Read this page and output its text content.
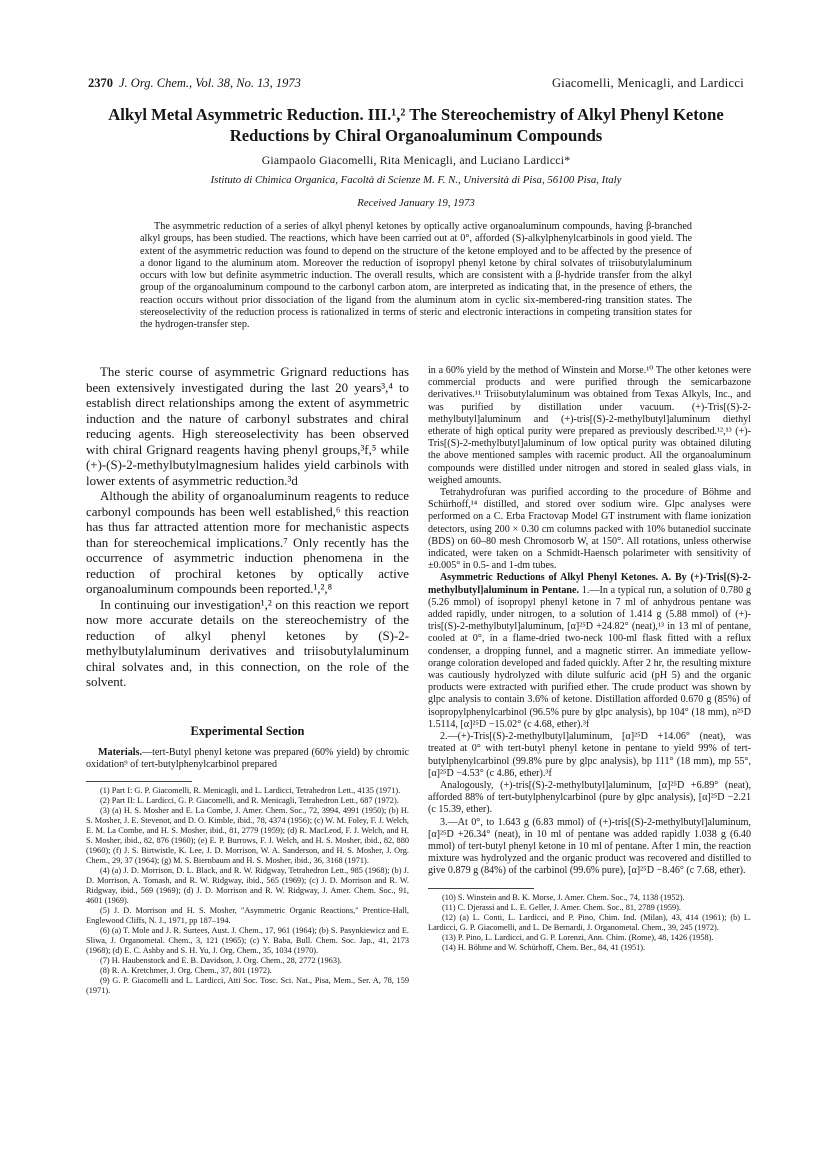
2370 J. Org. Chem., Vol. 38, No. 13, 1973	Giacomelli, Menicagli, and Lardicci
Alkyl Metal Asymmetric Reduction. III.¹,² The Stereochemistry of Alkyl Phenyl Ketone Reductions by Chiral Organoaluminum Compounds
Giampaolo Giacomelli, Rita Menicagli, and Luciano Lardicci*
Istituto di Chimica Organica, Facoltà di Scienze M. F. N., Università di Pisa, 56100 Pisa, Italy
Received January 19, 1973
The asymmetric reduction of a series of alkyl phenyl ketones by optically active organoaluminum compounds, having β-branched alkyl groups, has been studied. The reactions, which have been carried out at 0°, afforded (S)-alkylphenylcarbinols in good yield. The extent of the asymmetric reduction was found to depend on the structure of the ketone employed and to be affected by the presence of a donor ligand to the aluminum atom. Moreover the reduction of isopropyl phenyl ketone by chiral solvates of triisobutylaluminum occurs with low but definite asymmetric induction. The overall results, which are consistent with a β-hydride transfer from the alkyl group of the organoaluminum compound to the carbonyl carbon atom, are interpreted as indicating that, in the presence of ethers, the reaction occurs without prior dissociation of the ligand from the aluminum atom in cyclic six-membered-ring transition states. The stereoselectivity of the reduction process is rationalized in terms of steric and electronic interactions in competing transition states for the hydrogen-transfer step.

The steric course of asymmetric Grignard reductions has been extensively investigated during the last 20 years³,⁴ to establish direct relationships among the extent of asymmetric induction and the nature of carbonyl substrates and chiral reducing agents. High stereoselectivity has been observed with chiral Grignard reagents having phenyl groups,³f,⁵ while (+)-(S)-2-methylbutylmagnesium halides yield carbinols with lower extents of asymmetric reduction.³d

Although the ability of organoaluminum reagents to reduce carbonyl compounds has been well established,⁶ this reaction has thus far attracted attention more for mechanistic aspects than for stereochemical implications.⁷ Only recently has the occurrence of asymmetric induction phenomena in the reduction of prochiral ketones by optically active organoaluminum compounds been reported.¹,²,⁸

In continuing our investigation¹,² on this reaction we report now more accurate details on the stereochemistry of the reduction of alkyl phenyl ketones by (S)-2-methylbutylaluminum derivatives and triisobutylaluminum chiral solvates and, in this connection, on the role of the solvent.

Experimental Section

Materials.—tert-Butyl phenyl ketone was prepared (60% yield) by chromic oxidation⁹ of tert-butylphenylcarbinol prepared

(1) Part I: G. P. Giacomelli, R. Menicagli, and L. Lardicci, Tetrahedron Lett., 4135 (1971).
(2) Part II: L. Lardicci, G. P. Giacomelli, and R. Menicagli, Tetrahedron Lett., 687 (1972).
(3) (a) H. S. Mosher and E. La Combe, J. Amer. Chem. Soc., 72, 3994, 4991 (1950); (b) H. S. Mosher, J. E. Stevenot, and D. O. Kimble, ibid., 78, 4374 (1956); (c) W. M. Foley, F. J. Welch, E. M. La Combe, and H. S. Mosher, ibid., 81, 2779 (1959); (d) R. MacLeod, F. J. Welch, and H. S. Mosher, ibid., 82, 876 (1960); (e) E. P. Burrows, F. J. Welch, and H. S. Mosher, ibid., 82, 880 (1960); (f) J. S. Birtwistle, K. Lee, J. D. Morrison, W. A. Sanderson, and H. S. Mosher, J. Org. Chem., 29, 37 (1964); (g) M. S. Biernbaum and H. S. Mosher, ibid., 36, 3168 (1971).
(4) (a) J. D. Morrison, D. L. Black, and R. W. Ridgway, Tetrahedron Lett., 985 (1968); (b) J. D. Morrison, A. Tomash, and R. W. Ridgway, ibid., 565 (1969); (c) J. D. Morrison and R. W. Ridgway, ibid., 569 (1969); (d) J. D. Morrison and R. W. Ridgway, J. Amer. Chem. Soc., 91, 4601 (1969).
(5) J. D. Morrison and H. S. Mosher, "Asymmetric Organic Reactions," Prentice-Hall, Englewood Cliffs, N. J., 1971, pp 187–194.
(6) (a) T. Mole and J. R. Surtees, Aust. J. Chem., 17, 961 (1964); (b) S. Pasynkiewicz and E. Sliwa, J. Organometal. Chem., 3, 121 (1965); (c) Y. Baba, Bull. Chem. Soc. Jap., 41, 2173 (1968); (d) E. C. Ashby and S. H. Yu, J. Org. Chem., 35, 1034 (1970).
(7) H. Haubenstock and E. B. Davidson, J. Org. Chem., 28, 2772 (1963).
(8) R. A. Kretchmer, J. Org. Chem., 37, 801 (1972).
(9) G. P. Giacomelli and L. Lardicci, Atti Soc. Tosc. Sci. Nat., Pisa, Mem., Ser. A, 78, 159 (1971).

in a 60% yield by the method of Winstein and Morse.¹⁰ The other ketones were commercial products and were purified through the semicarbazone derivatives.¹¹ Triisobutylaluminum was obtained from Texas Alkyls, Inc., and was purified by distillation under vacuum. (+)-Tris[(S)-2-methylbutyl]aluminum and (+)-tris[(S)-2-methylbutyl]aluminum diethyl etherate of high optical purity were prepared as previously described.¹²,¹³ (+)-Tris[(S)-2-methylbutyl]aluminum of low optical purity was obtained diluting the above mentioned samples with racemic product. All the organoaluminum compounds were distilled under nitrogen and stored in sealed glass vials, in weighed amounts.

Tetrahydrofuran was purified according to the procedure of Böhme and Schürhoff,¹⁴ distilled, and stored over sodium wire. Glpc analyses were performed on a C. Erba Fractovap Model GT instrument with flame ionization detectors, using 200 × 0.30 cm columns packed with 10% butanediol succinate (BDS) on 60–80 mesh Chromosorb W, at 150°. All rotations, unless otherwise indicated, were taken on a Schmidt-Haensch polarimeter with sensitivity of ±0.005° in 0.5- and 1-dm tubes.

Asymmetric Reductions of Alkyl Phenyl Ketones. A. By (+)-Tris[(S)-2-methylbutyl]aluminum in Pentane. 1.—In a typical run, a solution of 0.780 g (5.26 mmol) of isopropyl phenyl ketone in 7 ml of anhydrous pentane was added rapidly, under nitrogen, to a solution of 1.414 g (5.88 mmol) of (+)-tris[(S)-2-methylbutyl]aluminum, [α]²⁵D +24.82° (neat),¹³ in 13 ml of pentane, cooled at 0°, in a flame-dried two-neck 100-ml flask fitted with a reflux condenser, a dropping funnel, and a magnetic stirrer. An immediate yellow-orange coloration developed and faded quickly. After 2 hr, the resulting mixture was cautiously hydrolyzed with dilute sulfuric acid (pH 5) and the organic products were extracted with purified ether. The crude product was shown by glpc analysis to contain 3.6% of ketone. Distillation afforded 0.670 g (85%) of isopropylphenylcarbinol (96.5% pure by glpc analysis), bp 104° (18 mm), n²⁵D 1.5114, [α]²⁵D −15.02° (c 4.68, ether).³f

2.—(+)-Tris[(S)-2-methylbutyl]aluminum, [α]²⁵D +14.06° (neat), was treated at 0° with tert-butyl phenyl ketone in pentane to yield 99% of tert-butylphenylcarbinol (99.8% pure by glpc analysis), bp 111° (18 mm), mp 55°, [α]²⁵D −4.53° (c 4.86, ether).³f

Analogously, (+)-tris[(S)-2-methylbutyl]aluminum, [α]²⁵D +6.89° (neat), afforded 88% of tert-butylphenylcarbinol (pure by glpc analysis), [α]²⁵D −2.21 (c 15.39, ether).

3.—At 0°, to 1.643 g (6.83 mmol) of (+)-tris[(S)-2-methylbutyl]aluminum, [α]²⁵D +26.34° (neat), in 10 ml of pentane was added rapidly 1.038 g (6.40 mmol) of tert-butyl phenyl ketone in 10 ml of pentane. After 1 min, the reaction mixture was hydrolyzed and the organic product was recovered and distilled to give 0.879 g (84%) of the carbinol (99.6% pure), [α]²⁵D −8.46° (c 7.68, ether).

(10) S. Winstein and B. K. Morse, J. Amer. Chem. Soc., 74, 1138 (1952).
(11) C. Djerassi and L. E. Geller, J. Amer. Chem. Soc., 81, 2789 (1959).
(12) (a) L. Conti, L. Lardicci, and P. Pino, Chim. Ind. (Milan), 43, 414 (1961); (b) L. Lardicci, G. P. Giacomelli, and L. De Bernardi, J. Organometal. Chem., 39, 245 (1972).
(13) P. Pino, L. Lardicci, and G. P. Lorenzi, Ann. Chim. (Rome), 48, 1426 (1958).
(14) H. Böhme and W. Schürhoff, Chem. Ber., 84, 41 (1951).
